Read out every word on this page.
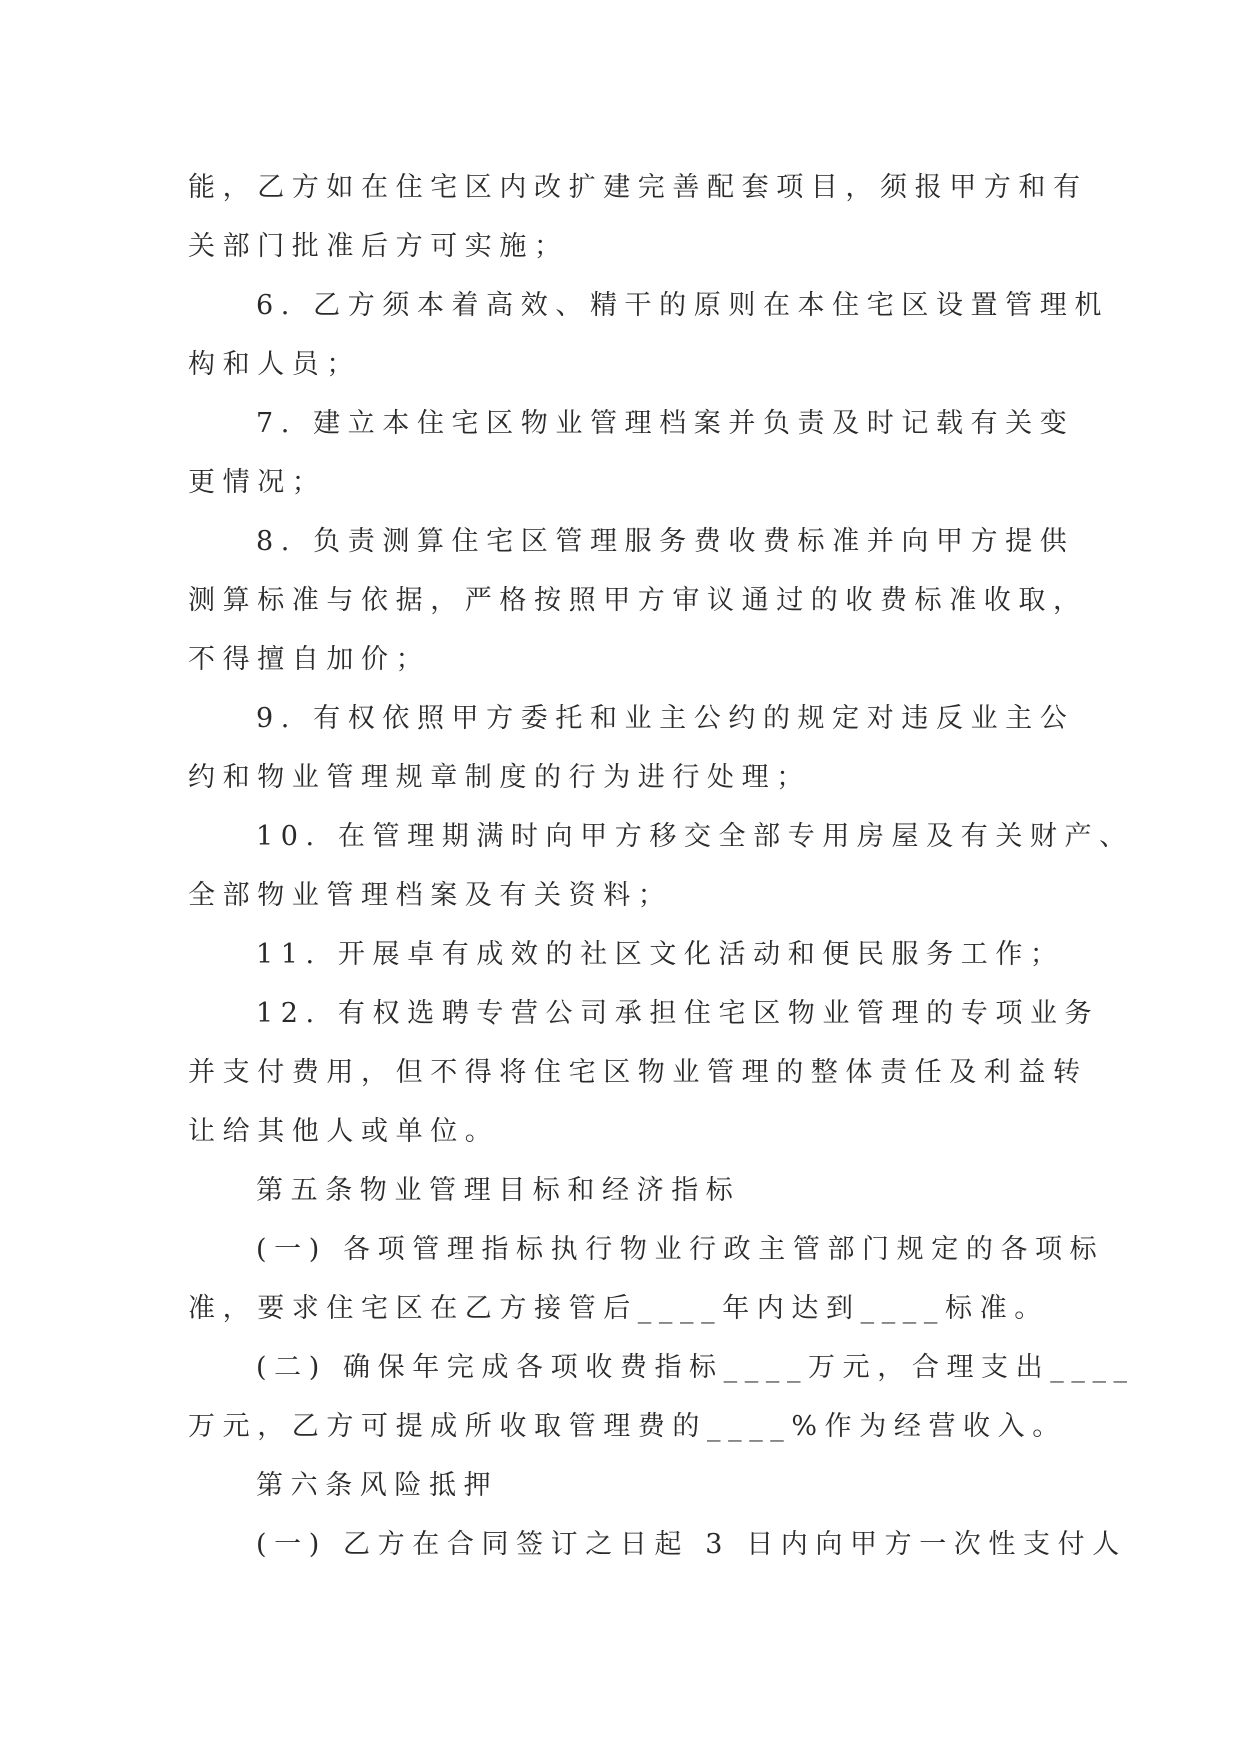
能，乙方如在住宅区内改扩建完善配套项目，须报甲方和有

关部门批准后方可实施；

6. 乙方须本着高效、精干的原则在本住宅区设置管理机

构和人员；

7. 建立本住宅区物业管理档案并负责及时记载有关变

更情况；

8. 负责测算住宅区管理服务费收费标准并向甲方提供

测算标准与依据，严格按照甲方审议通过的收费标准收取，

不得擅自加价；

9. 有权依照甲方委托和业主公约的规定对违反业主公

约和物业管理规章制度的行为进行处理；

10. 在管理期满时向甲方移交全部专用房屋及有关财产、

全部物业管理档案及有关资料；

11. 开展卓有成效的社区文化活动和便民服务工作；

12. 有权选聘专营公司承担住宅区物业管理的专项业务

并支付费用，但不得将住宅区物业管理的整体责任及利益转

让给其他人或单位。

第五条物业管理目标和经济指标

(一) 各项管理指标执行物业行政主管部门规定的各项标

准，要求住宅区在乙方接管后____年内达到____标准。

(二) 确保年完成各项收费指标____万元，合理支出____

万元，乙方可提成所收取管理费的____%作为经营收入。

第六条风险抵押

(一) 乙方在合同签订之日起 3 日内向甲方一次性支付人
